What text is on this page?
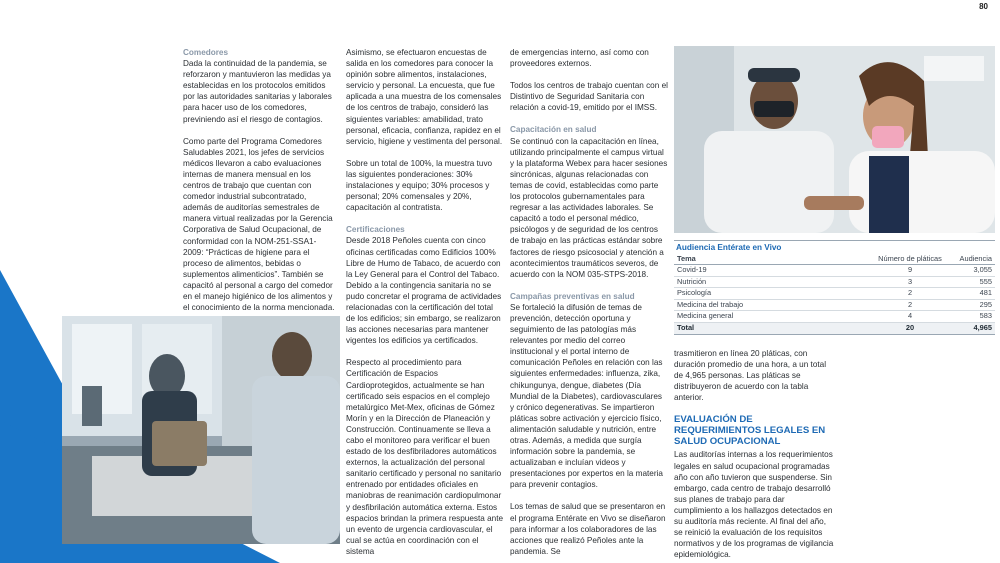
80
Comedores

Dada la continuidad de la pandemia, se reforzaron y mantuvieron las medidas ya establecidas en los protocolos emitidos por las autoridades sanitarias y laborales para hacer uso de los comedores, previniendo así el riesgo de contagios.

Como parte del Programa Comedores Saludables 2021, los jefes de servicios médicos llevaron a cabo evaluaciones internas de manera mensual en los centros de trabajo que cuentan con comedor industrial subcontratado, además de auditorías semestrales de manera virtual realizadas por la Gerencia Corporativa de Salud Ocupacional, de conformidad con la NOM-251-SSA1-2009: “Prácticas de higiene para el proceso de alimentos, bebidas o suplementos alimenticios”. También se capacitó al personal a cargo del comedor en el manejo higiénico de los alimentos y el conocimiento de la norma mencionada.

Asimismo, se efectuaron encuestas de salida en los comedores para conocer la opinión sobre alimentos, instalaciones, servicio y personal. La encuesta, que fue aplicada a una muestra de los comensales de los centros de trabajo, consideró las siguientes variables: amabilidad, trato personal, eficacia, confianza, rapidez en el servicio, higiene y vestimenta del personal.

Sobre un total de 100%, la muestra tuvo las siguientes ponderaciones: 30% instalaciones y equipo; 30% procesos y personal; 20% comensales y 20%, capacitación al contratista.

Certificaciones

Desde 2018 Peñoles cuenta con cinco oficinas certificadas como Edificios 100% Libre de Humo de Tabaco, de acuerdo con la Ley General para el Control del Tabaco. Debido a la contingencia sanitaria no se pudo concretar el programa de actividades relacionadas con la certificación del total de los edificios; sin embargo, se realizaron las acciones necesarias para mantener vigentes los edificios ya certificados.

Respecto al procedimiento para Certificación de Espacios Cardioprotegidos, actualmente se han certificado seis espacios en el complejo metalúrgico Met-Mex, oficinas de Gómez Morín y en la Dirección de Planeación y Construcción. Continuamente se lleva a cabo el monitoreo para verificar el buen estado de los desfibriladores automáticos externos, la actualización del personal sanitario certificado y personal no sanitario entrenado por entidades oficiales en maniobras de reanimación cardiopulmonar y desfibrilación automática externa. Estos espacios brindan la primera respuesta ante un evento de urgencia cardiovascular, el cual se actúa en coordinación con el sistema

de emergencias interno, así como con proveedores externos.

Todos los centros de trabajo cuentan con el Distintivo de Seguridad Sanitaria con relación a covid-19, emitido por el IMSS.

Capacitación en salud

Se continuó con la capacitación en línea, utilizando principalmente el campus virtual y la plataforma Webex para hacer sesiones sincrónicas, algunas relacionadas con temas de covid, establecidas como parte los protocolos gubernamentales para regresar a las actividades laborales. Se capacitó a todo el personal médico, psicólogos y de seguridad de los centros de trabajo en las prácticas estándar sobre factores de riesgo psicosocial y atención a acontecimientos traumáticos severos, de acuerdo con la NOM 035-STPS-2018.

Campañas preventivas en salud

Se fortaleció la difusión de temas de prevención, detección oportuna y seguimiento de las patologías más relevantes por medio del correo institucional y el portal interno de comunicación Peñoles en relación con las siguientes enfermedades: influenza, zika, chikungunya, dengue, diabetes (Día Mundial de la Diabetes), cardiovasculares y crónico degenerativas. Se impartieron pláticas sobre activación y ejercicio físico, alimentación saludable y nutrición, entre otras. Además, a medida que surgía información sobre la pandemia, se actualizaban e incluían videos y presentaciones por expertos en la materia para prevenir contagios.

Los temas de salud que se presentaron en el programa Entérate en Vivo se diseñaron para informar a los colaboradores de las acciones que realizó Peñoles ante la pandemia. Se

Audiencia Entérate en Vivo
Tema	Número de pláticas	Audiencia
Covid-19	9	3,055
Nutrición	3	555
Psicología	2	481
Medicina del trabajo	2	295
Medicina general	4	583
Total	20	4,965

trasmitieron en línea 20 pláticas, con duración promedio de una hora, a un total de 4,965 personas. Las pláticas se distribuyeron de acuerdo con la tabla anterior.

EVALUACIÓN DE REQUERIMIENTOS LEGALES EN SALUD OCUPACIONAL

Las auditorías internas a los requerimientos legales en salud ocupacional programadas año con año tuvieron que suspenderse. Sin embargo, cada centro de trabajo desarrolló sus planes de trabajo para dar cumplimiento a los hallazgos detectados en su auditoría más reciente. Al final del año, se reinició la evaluación de los requisitos normativos y de los programas de vigilancia epidemiológica.
